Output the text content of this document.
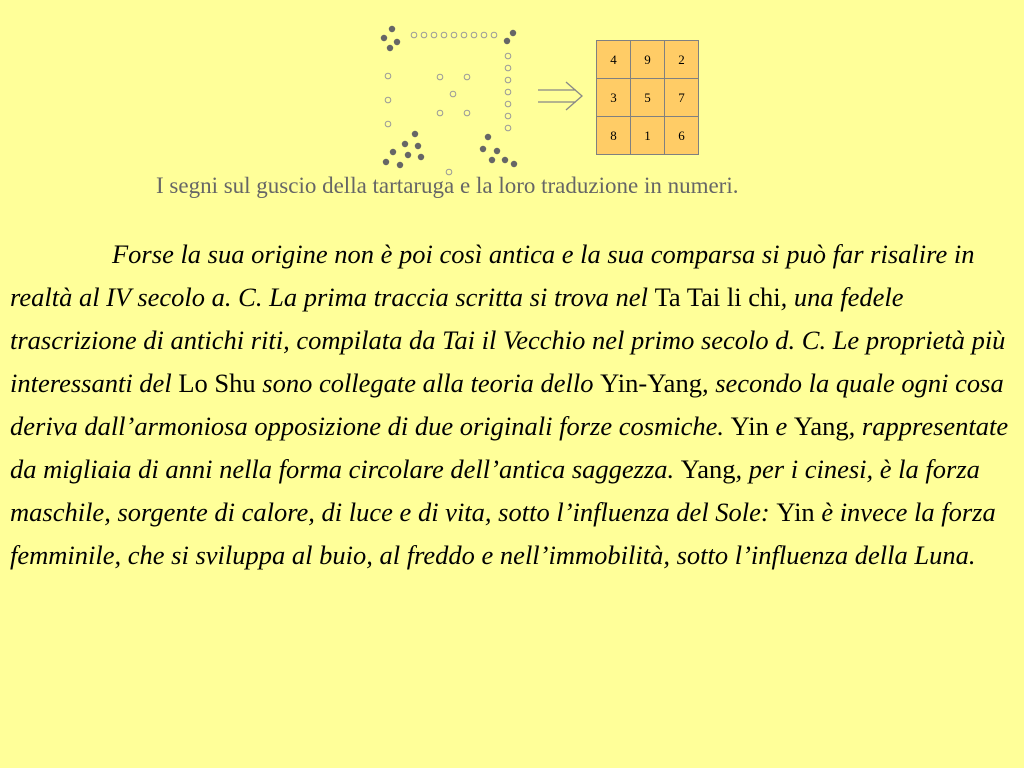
4	9	2
3	5	7
8	1	6
I segni sul guscio della tartaruga e la loro traduzione in numeri.

Forse la sua origine non è poi così antica e la sua comparsa si può far risalire in realtà al IV secolo a. C. La prima traccia scritta si trova nel Ta Tai li chi, una fedele trascrizione di antichi riti, compilata da Tai il Vecchio nel primo secolo d. C. Le proprietà più interessanti del Lo Shu sono collegate alla teoria dello Yin-Yang, secondo la quale ogni cosa deriva dall’armoniosa opposizione di due originali forze cosmiche. Yin e Yang, rappresentate da migliaia di anni nella forma circolare dell’antica saggezza. Yang, per i cinesi, è la forza maschile, sorgente di calore, di luce e di vita, sotto l’influenza del Sole: Yin è invece la forza femminile, che si sviluppa al buio, al freddo e nell’immobilità, sotto l’influenza della Luna.
